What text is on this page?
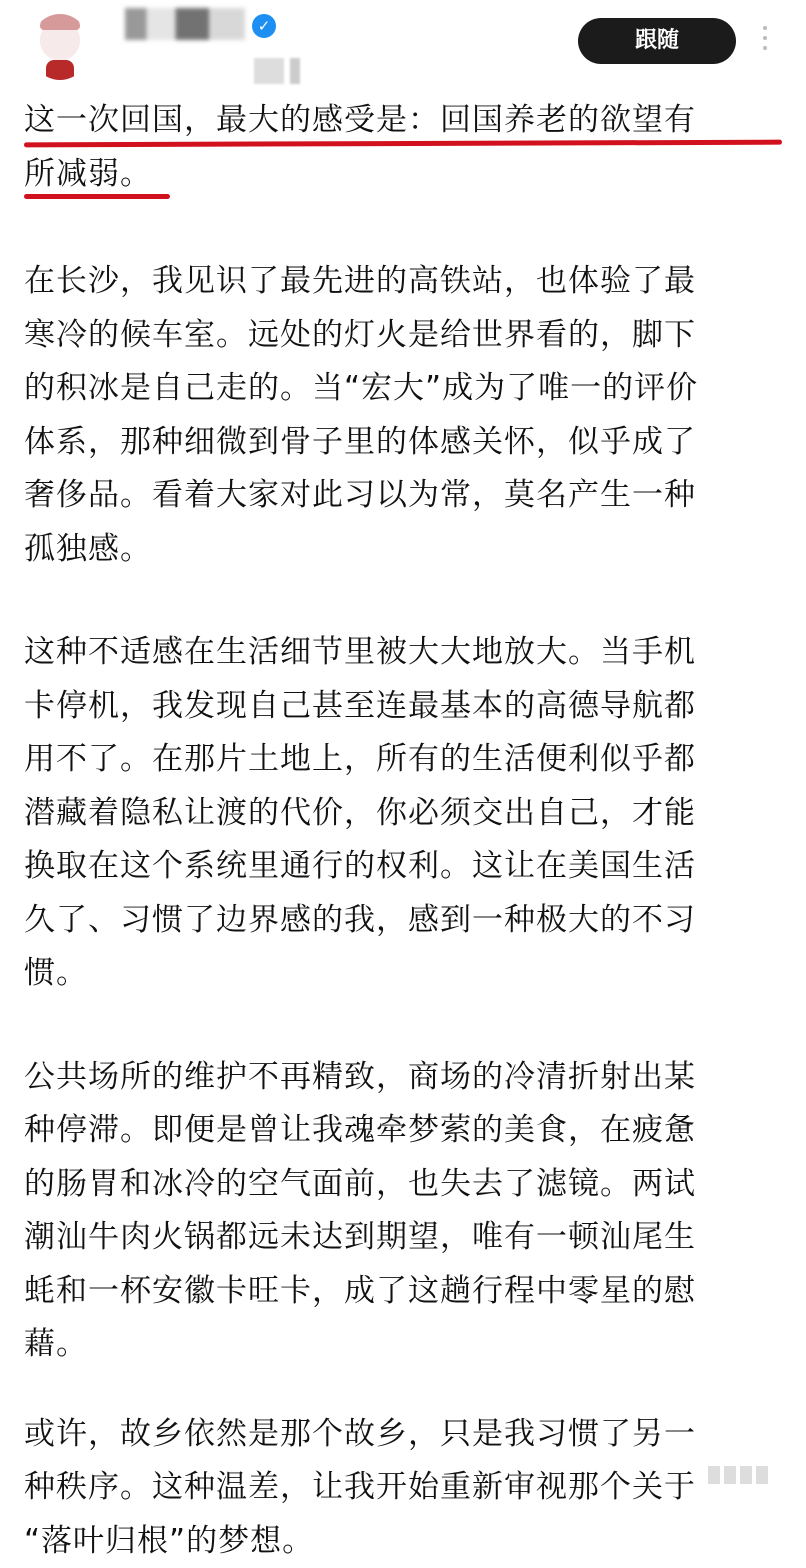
✓
跟随

这一次回国，最大的感受是：回国养老的欲望有

所减弱。

在长沙，我见识了最先进的高铁站，也体验了最

寒冷的候车室。远处的灯火是给世界看的，脚下

的积冰是自己走的。当“宏大”成为了唯一的评价

体系，那种细微到骨子里的体感关怀，似乎成了

奢侈品。看着大家对此习以为常，莫名产生一种

孤独感。

这种不适感在生活细节里被大大地放大。当手机

卡停机，我发现自己甚至连最基本的高德导航都

用不了。在那片土地上，所有的生活便利似乎都

潜藏着隐私让渡的代价，你必须交出自己，才能

换取在这个系统里通行的权利。这让在美国生活

久了、习惯了边界感的我，感到一种极大的不习

惯。

公共场所的维护不再精致，商场的冷清折射出某

种停滞。即便是曾让我魂牵梦萦的美食，在疲惫

的肠胃和冰冷的空气面前，也失去了滤镜。两试

潮汕牛肉火锅都远未达到期望，唯有一顿汕尾生

蚝和一杯安徽卡旺卡，成了这趟行程中零星的慰

藉。

或许，故乡依然是那个故乡，只是我习惯了另一

种秩序。这种温差，让我开始重新审视那个关于

“落叶归根”的梦想。
